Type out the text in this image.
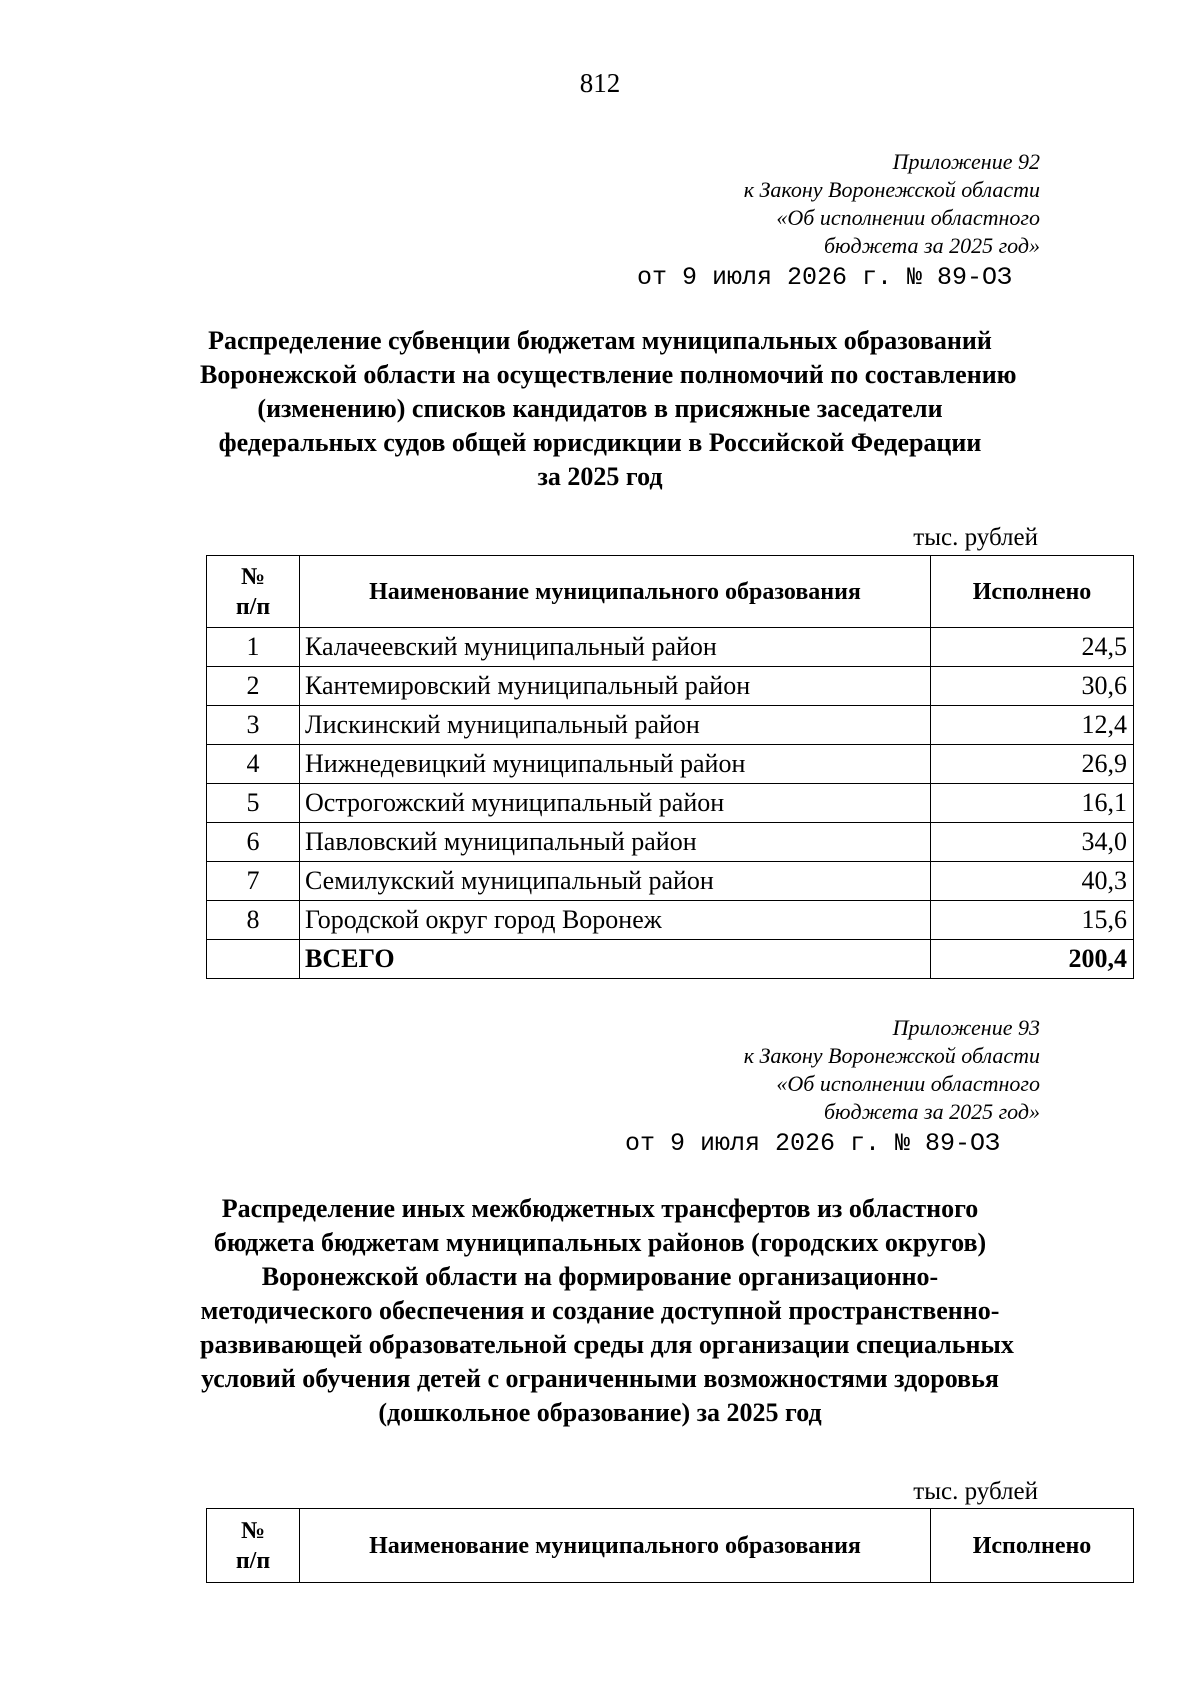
812
Приложение 92
к Закону Воронежской области
«Об исполнении областного
бюджета за 2025 год»
от 9 июля 2026 г. № 89-ОЗ
Распределение субвенции бюджетам муниципальных образований
Воронежской области на осуществление полномочий по составлению
(изменению) списков кандидатов в присяжные заседатели
федеральных судов общей юрисдикции в Российской Федерации
за 2025 год
тыс. рублей
№
п/п	Наименование муниципального образования	Исполнено
1	Калачеевский муниципальный район	24,5
2	Кантемировский муниципальный район	30,6
3	Лискинский муниципальный район	12,4
4	Нижнедевицкий муниципальный район	26,9
5	Острогожский муниципальный район	16,1
6	Павловский муниципальный район	34,0
7	Семилукский муниципальный район	40,3
8	Городской округ город Воронеж	15,6
	ВСЕГО	200,4
Приложение 93
к Закону Воронежской области
«Об исполнении областного
бюджета за 2025 год»
от 9 июля 2026 г. № 89-ОЗ
Распределение иных межбюджетных трансфертов из областного
бюджета бюджетам муниципальных районов (городских округов)
Воронежской области на формирование организационно-
методического обеспечения и создание доступной пространственно-
развивающей образовательной среды для организации специальных
условий обучения детей с ограниченными возможностями здоровья
(дошкольное образование) за 2025 год
тыс. рублей
№
п/п	Наименование муниципального образования	Исполнено
